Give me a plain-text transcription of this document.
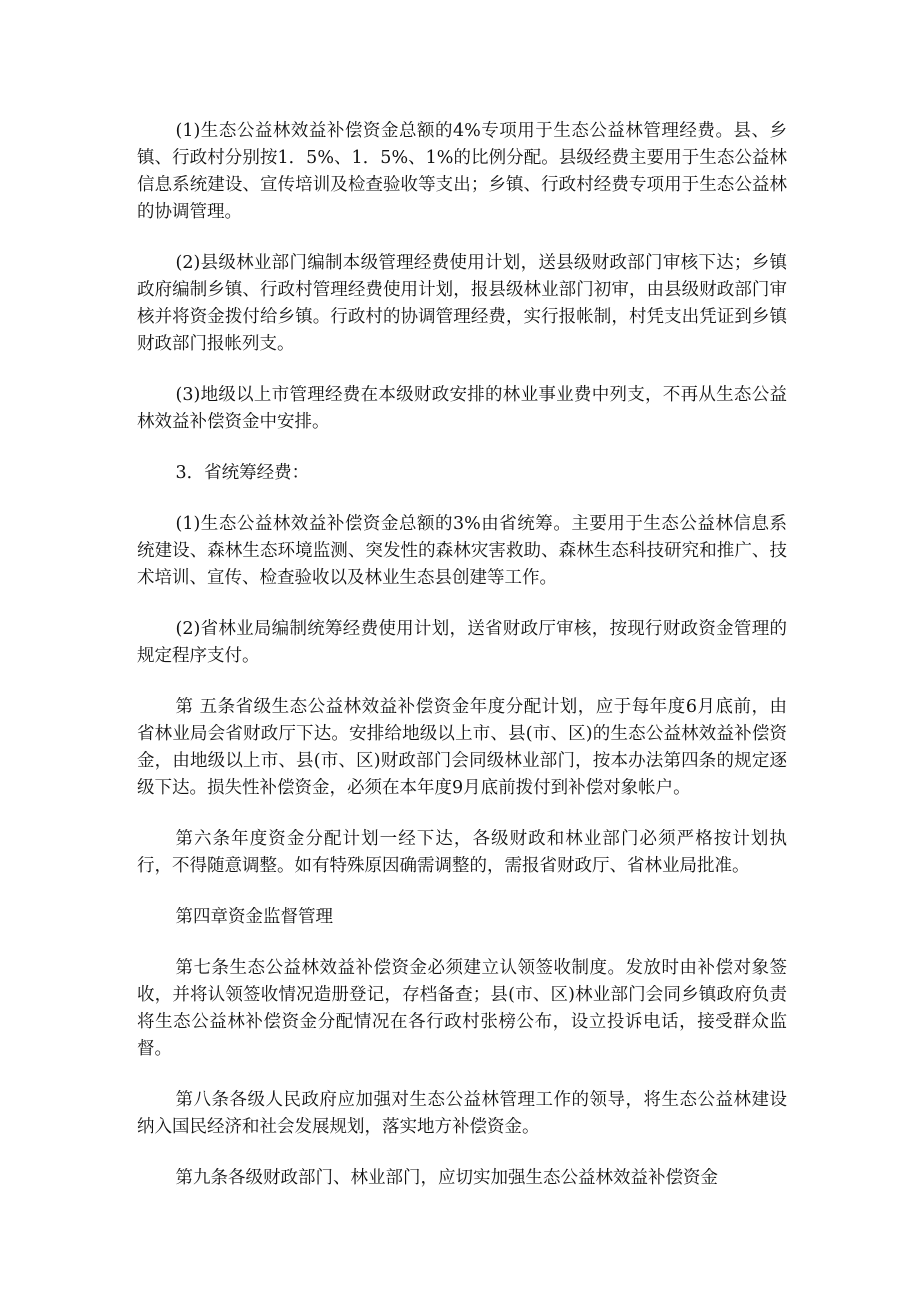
(1)生态公益林效益补偿资金总额的4%专项用于生态公益林管理经费。县、乡镇、行政村分别按1．5%、1．5%、1%的比例分配。县级经费主要用于生态公益林信息系统建设、宣传培训及检查验收等支出；乡镇、行政村经费专项用于生态公益林的协调管理。

(2)县级林业部门编制本级管理经费使用计划，送县级财政部门审核下达；乡镇政府编制乡镇、行政村管理经费使用计划，报县级林业部门初审，由县级财政部门审核并将资金拨付给乡镇。行政村的协调管理经费，实行报帐制，村凭支出凭证到乡镇财政部门报帐列支。

(3)地级以上市管理经费在本级财政安排的林业事业费中列支，不再从生态公益林效益补偿资金中安排。

3．省统筹经费：

(1)生态公益林效益补偿资金总额的3%由省统筹。主要用于生态公益林信息系统建设、森林生态环境监测、突发性的森林灾害救助、森林生态科技研究和推广、技术培训、宣传、检查验收以及林业生态县创建等工作。

(2)省林业局编制统筹经费使用计划，送省财政厅审核，按现行财政资金管理的规定程序支付。

第 五条省级生态公益林效益补偿资金年度分配计划，应于每年度6月底前，由省林业局会省财政厅下达。安排给地级以上市、县(市、区)的生态公益林效益补偿资 金，由地级以上市、县(市、区)财政部门会同级林业部门，按本办法第四条的规定逐级下达。损失性补偿资金，必须在本年度9月底前拨付到补偿对象帐户。

第六条年度资金分配计划一经下达，各级财政和林业部门必须严格按计划执行，不得随意调整。如有特殊原因确需调整的，需报省财政厅、省林业局批准。

第四章资金监督管理

第七条生态公益林效益补偿资金必须建立认领签收制度。发放时由补偿对象签收，并将认领签收情况造册登记，存档备查；县(市、区)林业部门会同乡镇政府负责将生态公益林补偿资金分配情况在各行政村张榜公布，设立投诉电话，接受群众监督。

第八条各级人民政府应加强对生态公益林管理工作的领导，将生态公益林建设纳入国民经济和社会发展规划，落实地方补偿资金。

第九条各级财政部门、林业部门，应切实加强生态公益林效益补偿资金
